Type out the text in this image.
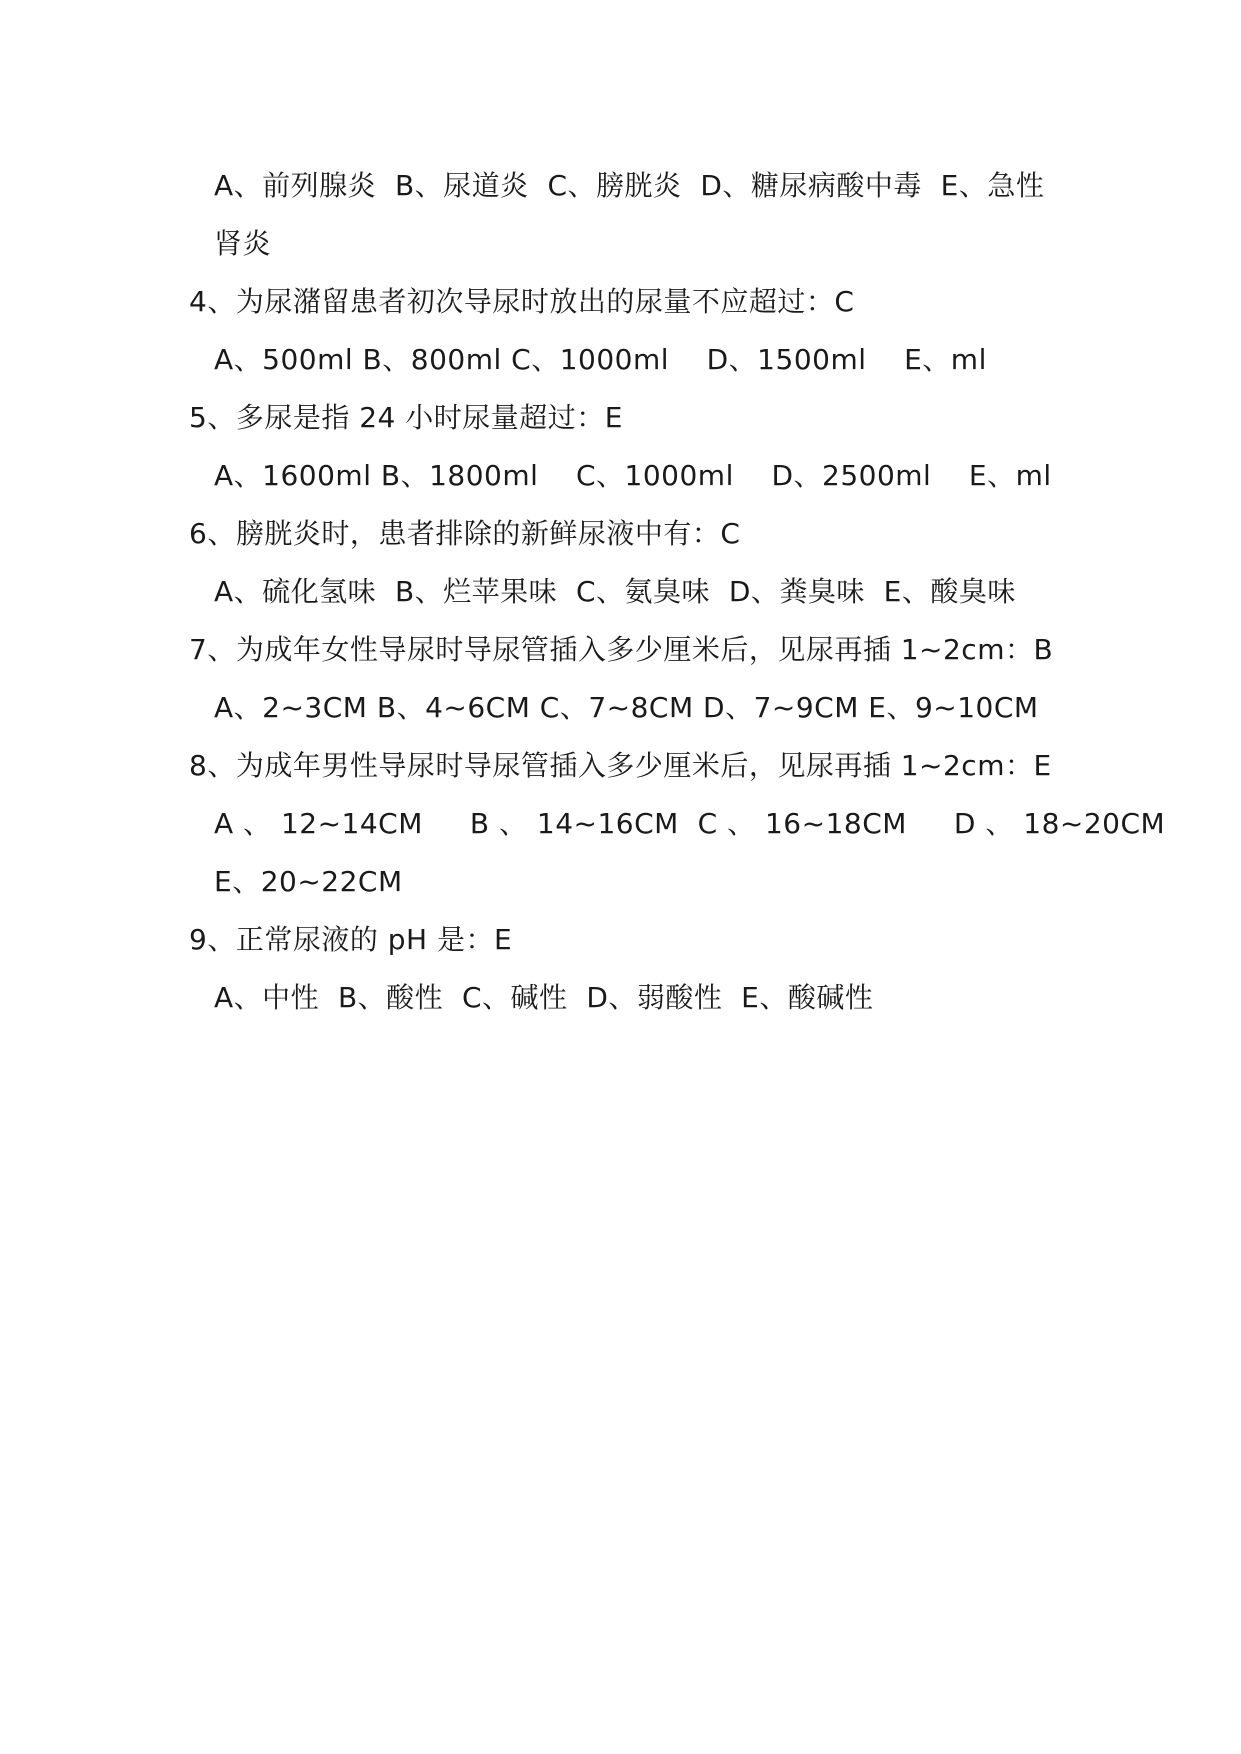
A、前列腺炎  B、尿道炎  C、膀胱炎  D、糖尿病酸中毒  E、急性
肾炎
4、为尿潴留患者初次导尿时放出的尿量不应超过：C
A、500ml B、800ml C、1000ml    D、1500ml    E、ml
5、多尿是指 24 小时尿量超过：E
A、1600ml B、1800ml    C、1000ml    D、2500ml    E、ml
6、膀胱炎时，患者排除的新鲜尿液中有：C
A、硫化氢味  B、烂苹果味  C、氨臭味  D、粪臭味  E、酸臭味
7、为成年女性导尿时导尿管插入多少厘米后，见尿再插 1~2cm：B
A、2~3CM B、4~6CM C、7~8CM D、7~9CM E、9~10CM
8、为成年男性导尿时导尿管插入多少厘米后，见尿再插 1~2cm：E
A 、 12~14CM     B 、 14~16CM  C 、 16~18CM     D 、 18~20CM
E、20~22CM
9、正常尿液的 pH 是：E
A、中性  B、酸性  C、碱性  D、弱酸性  E、酸碱性
